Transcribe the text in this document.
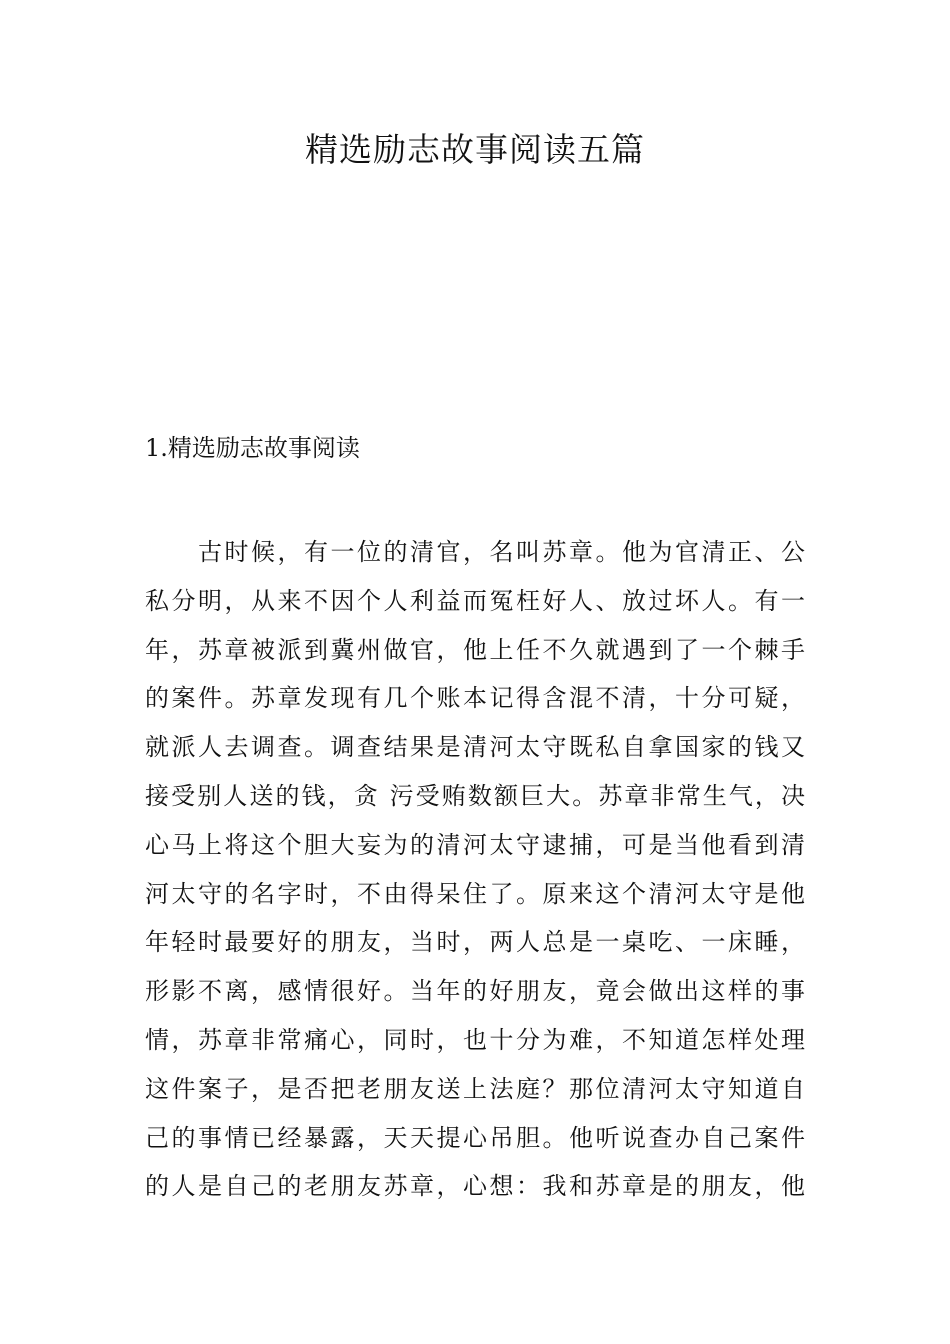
精选励志故事阅读五篇
1.精选励志故事阅读
　　古时候，有一位的清官，名叫苏章。他为官清正、公
私分明，从来不因个人利益而冤枉好人、放过坏人。有一
年，苏章被派到冀州做官，他上任不久就遇到了一个棘手
的案件。苏章发现有几个账本记得含混不清，十分可疑，
就派人去调查。调查结果是清河太守既私自拿国家的钱又
接受别人送的钱，贪 污受贿数额巨大。苏章非常生气，决
心马上将这个胆大妄为的清河太守逮捕，可是当他看到清
河太守的名字时，不由得呆住了。原来这个清河太守是他
年轻时最要好的朋友，当时，两人总是一桌吃、一床睡，
形影不离，感情很好。当年的好朋友，竟会做出这样的事
情，苏章非常痛心，同时，也十分为难，不知道怎样处理
这件案子，是否把老朋友送上法庭？那位清河太守知道自
己的事情已经暴露，天天提心吊胆。他听说查办自己案件
的人是自己的老朋友苏章，心想：我和苏章是的朋友，他
